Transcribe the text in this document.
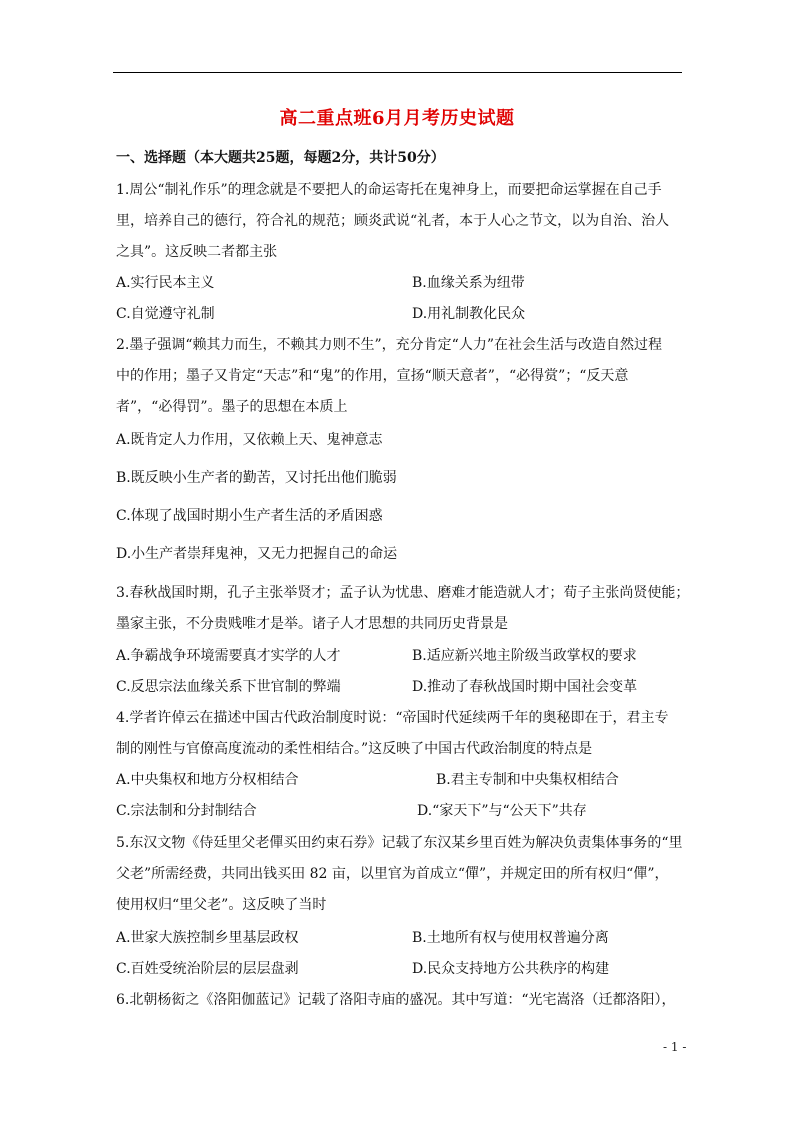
高二重点班6月月考历史试题
一、选择题（本大题共25题，每题2分，共计50分）
1.周公“制礼作乐”的理念就是不要把人的命运寄托在鬼神身上，而要把命运掌握在自己手
里，培养自己的德行，符合礼的规范；顾炎武说“礼者，本于人心之节文，以为自治、治人
之具”。这反映二者都主张
A.实行民本主义	B.血缘关系为纽带
C.自觉遵守礼制	D.用礼制教化民众
2.墨子强调“赖其力而生，不赖其力则不生”，充分肯定“人力”在社会生活与改造自然过程
中的作用；墨子又肯定“天志”和“鬼”的作用，宣扬“顺天意者”，“必得赏”；“反天意
者”，“必得罚”。墨子的思想在本质上
A.既肯定人力作用，又依赖上天、鬼神意志
B.既反映小生产者的勤苦，又讨托出他们脆弱
C.体现了战国时期小生产者生活的矛盾困惑
D.小生产者崇拜鬼神，又无力把握自己的命运
3.春秋战国时期，孔子主张举贤才；孟子认为忧患、磨难才能造就人才；荀子主张尚贤使能；
墨家主张，不分贵贱唯才是举。诸子人才思想的共同历史背景是
A.争霸战争环境需要真才实学的人才	B.适应新兴地主阶级当政掌权的要求
C.反思宗法血缘关系下世官制的弊端	D.推动了春秋战国时期中国社会变革
4.学者许倬云在描述中国古代政治制度时说：“帝国时代延续两千年的奥秘即在于，君主专
制的刚性与官僚高度流动的柔性相结合。”这反映了中国古代政治制度的特点是
A.中央集权和地方分权相结合	B.君主专制和中央集权相结合
C.宗法制和分封制结合	D.“家天下”与“公天下”共存
5.东汉文物《侍廷里父老僤买田约束石券》记载了东汉某乡里百姓为解决负责集体事务的“里
父老”所需经费，共同出钱买田 82 亩，以里官为首成立“僤”，并规定田的所有权归“僤”，
使用权归“里父老”。这反映了当时
A.世家大族控制乡里基层政权	B.土地所有权与使用权普遍分离
C.百姓受统治阶层的层层盘剥	D.民众支持地方公共秩序的构建
6.北朝杨衒之《洛阳伽蓝记》记载了洛阳寺庙的盛况。其中写道：“光宅嵩洛（迁都洛阳），
- 1 -
